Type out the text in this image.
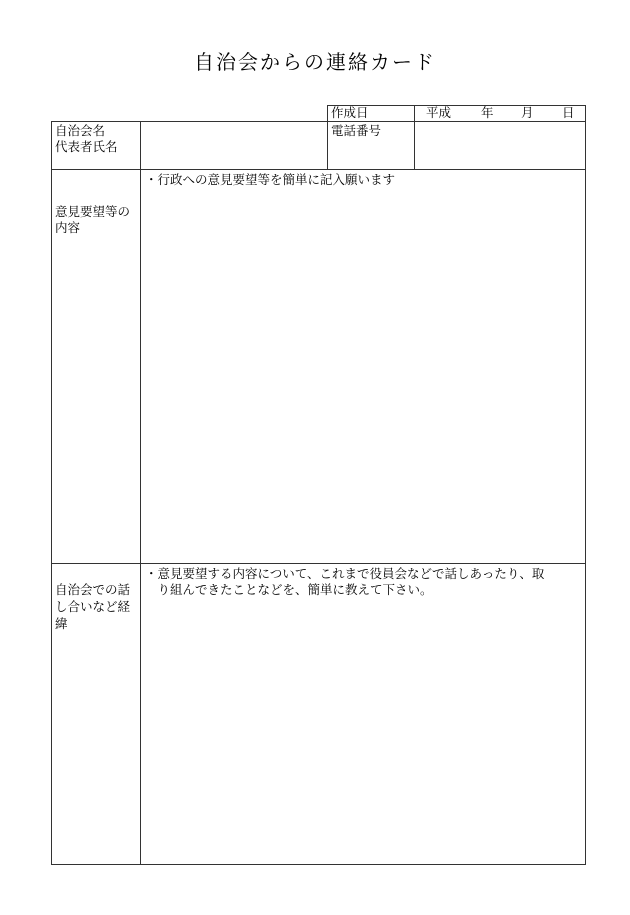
自治会からの連絡カード
作成日	平成 年 月 日
自治会名
代表者氏名
電話番号
意見要望等の
内容
・行政への意見要望等を簡単に記入願います
自治会での話
し合いなど経
緯
・意見要望する内容について、これまで役員会などで話しあったり、取
　り組んできたことなどを、簡単に教えて下さい。
